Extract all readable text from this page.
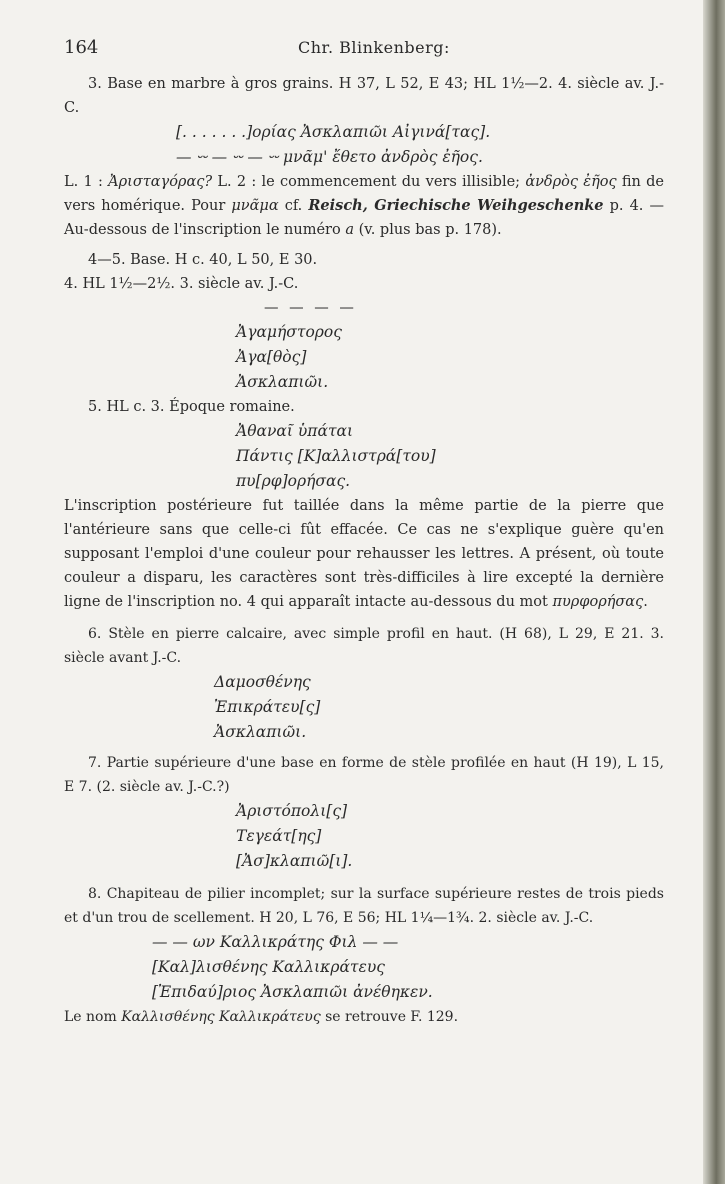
164	Chr. Blinkenberg:

3. Base en marbre à gros grains. H 37, L 52, E 43; HL 1½—2. 4. siècle av. J.-C.

[. . . . . . .]ορίας Ἀσκλαπιῶι Αἰγινά[τας].
— ⏑⏑ — ⏑⏑ — ⏑⏑ μνᾶμ' ἔθετο ἀνδρὸς ἐῆος.

L. 1 : Ἀρισταγόρας? L. 2 : le commencement du vers illisible; ἀνδρὸς ἐῆος fin de vers homérique. Pour μνᾶμα cf. Reisch, Griechische Weihgeschenke p. 4. — Au-dessous de l'inscription le numéro a (v. plus bas p. 178).

4—5. Base. H c. 40, L 50, E 30.

4. HL 1½—2½. 3. siècle av. J.-C.

— — — —
Ἀγαμήστορος
Ἀγα[θὸς]
Ἀσκλαπιῶι.

5. HL c. 3. Époque romaine.

Ἀθαναῖ ὑπάται
Πάντις [Κ]αλλιστρά[του]
πυ[ρφ]ορήσας.

L'inscription postérieure fut taillée dans la même partie de la pierre que l'antérieure sans que celle-ci fût effacée. Ce cas ne s'explique guère qu'en supposant l'emploi d'une couleur pour rehausser les lettres. A présent, où toute couleur a disparu, les caractères sont très-difficiles à lire excepté la dernière ligne de l'inscription no. 4 qui apparaît intacte au-dessous du mot πυρφορήσας.

6. Stèle en pierre calcaire, avec simple profil en haut. (H 68), L 29, E 21. 3. siècle avant J.-C.

Δαμοσθένης
Ἐπικράτευ[ς]
Ἀσκλαπιῶι.

7. Partie supérieure d'une base en forme de stèle profilée en haut (H 19), L 15, E 7. (2. siècle av. J.-C.?)

Ἀριστόπολι[ς]
Τεγεάτ[ης]
[Ἀσ]κλαπιῶ[ι].

8. Chapiteau de pilier incomplet; sur la surface supérieure restes de trois pieds et d'un trou de scellement. H 20, L 76, E 56; HL 1¼—1¾. 2. siècle av. J.-C.

— — ων Καλλικράτης Φιλ — —
[Καλ]λισθένης Καλλικράτευς
[Ἐπιδαύ]ριος Ἀσκλαπιῶι ἀνέθηκεν.

Le nom Καλλισθένης Καλλικράτευς se retrouve F. 129.
